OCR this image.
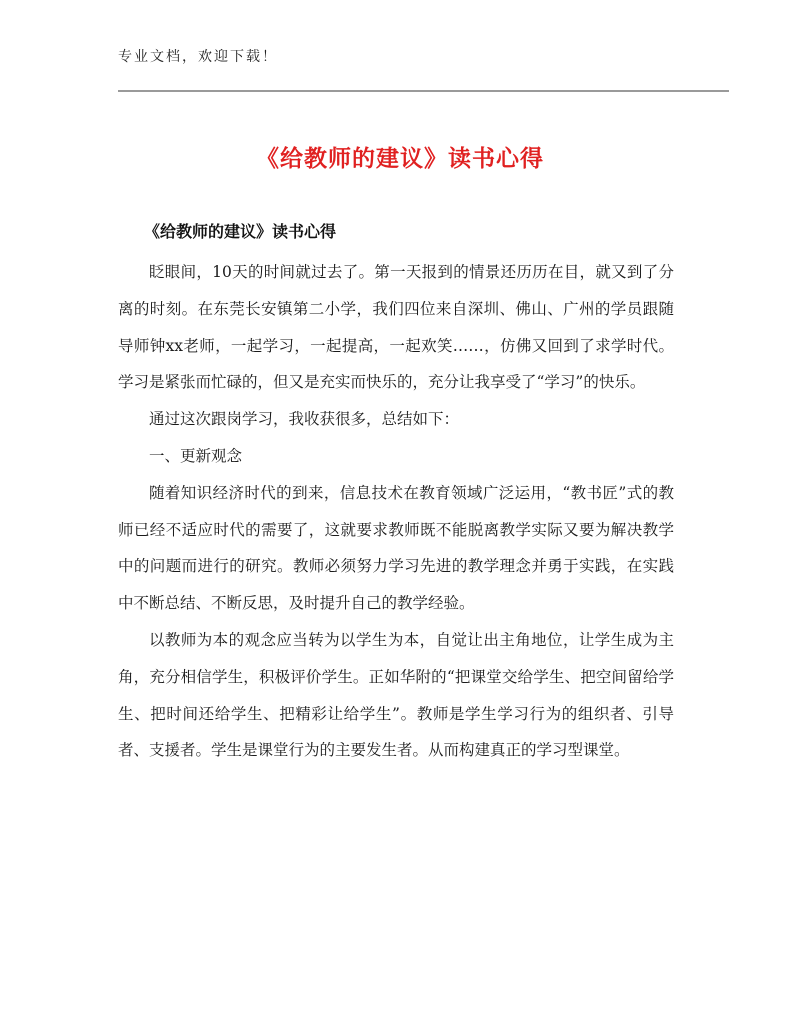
专业文档，欢迎下载！
《给教师的建议》读书心得
《给教师的建议》读书心得

眨眼间，10天的时间就过去了。第一天报到的情景还历历在目，就又到了分离的时刻。在东莞长安镇第二小学，我们四位来自深圳、佛山、广州的学员跟随导师钟xx老师，一起学习，一起提高，一起欢笑……，仿佛又回到了求学时代。学习是紧张而忙碌的，但又是充实而快乐的，充分让我享受了“学习”的快乐。

通过这次跟岗学习，我收获很多，总结如下：

一、更新观念

随着知识经济时代的到来，信息技术在教育领域广泛运用，“教书匠”式的教师已经不适应时代的需要了，这就要求教师既不能脱离教学实际又要为解决教学中的问题而进行的研究。教师必须努力学习先进的教学理念并勇于实践，在实践中不断总结、不断反思，及时提升自己的教学经验。

以教师为本的观念应当转为以学生为本，自觉让出主角地位，让学生成为主角，充分相信学生，积极评价学生。正如华附的“把课堂交给学生、把空间留给学生、把时间还给学生、把精彩让给学生”。教师是学生学习行为的组织者、引导者、支援者。学生是课堂行为的主要发生者。从而构建真正的学习型课堂。
